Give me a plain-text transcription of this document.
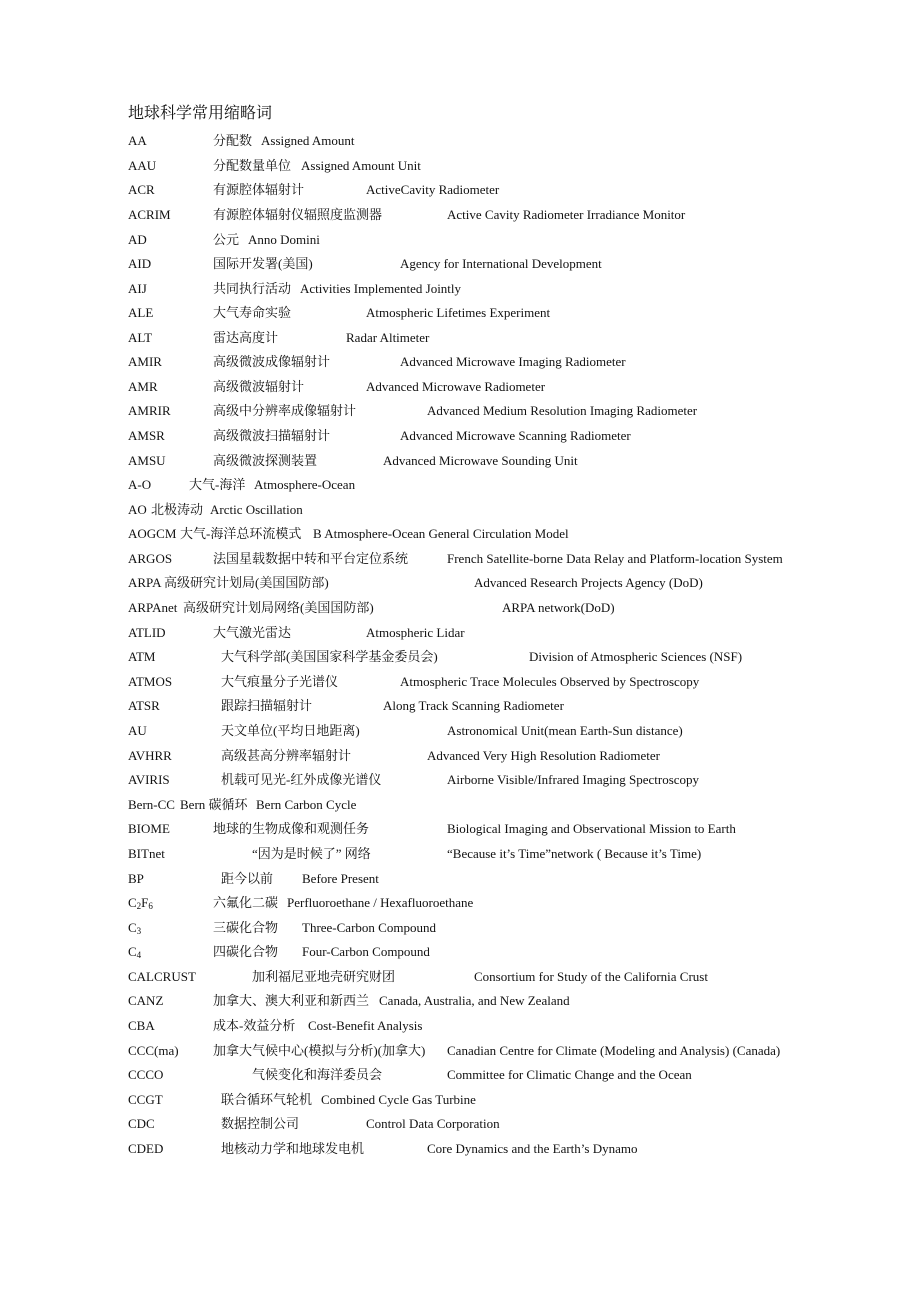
地球科学常用缩略词
AA	分配数 Assigned Amount
AAU	分配数量单位 Assigned Amount Unit
ACR	有源腔体辐射计	ActiveCavity Radiometer
ACRIM	有源腔体辐射仪辐照度监测器	Active Cavity Radiometer Irradiance Monitor
AD	公元 Anno Domini
AID	国际开发署(美国)	Agency for International Development
AIJ	共同执行活动 Activities Implemented Jointly
ALE	大气寿命实验	Atmospheric Lifetimes Experiment
ALT	雷达高度计	Radar Altimeter
AMIR	高级微波成像辐射计	Advanced Microwave Imaging Radiometer
AMR	高级微波辐射计	Advanced Microwave Radiometer
AMRIR	高级中分辨率成像辐射计	Advanced Medium Resolution Imaging Radiometer
AMSR	高级微波扫描辐射计	Advanced Microwave Scanning Radiometer
AMSU	高级微波探测装置	Advanced Microwave Sounding Unit
A-O	大气-海洋 Atmosphere-Ocean
AO 北极涛动 Arctic Oscillation
AOGCM 大气-海洋总环流模式 B Atmosphere-Ocean General Circulation Model
ARGOS	法国星载数据中转和平台定位系统	French Satellite-borne Data Relay and Platform-location System
ARPA 高级研究计划局(美国国防部)	Advanced Research Projects Agency (DoD)
ARPAnet 高级研究计划局网络(美国国防部)	ARPA network(DoD)
ATLID	大气激光雷达	Atmospheric Lidar
ATM	大气科学部(美国国家科学基金委员会)	Division of Atmospheric Sciences (NSF)
ATMOS	大气痕量分子光谱仪	Atmospheric Trace Molecules Observed by Spectroscopy
ATSR	跟踪扫描辐射计	Along Track Scanning Radiometer
AU	天文单位(平均日地距离)	Astronomical Unit(mean Earth-Sun distance)
AVHRR	高级甚高分辨率辐射计	Advanced Very High Resolution Radiometer
AVIRIS	机载可见光-红外成像光谱仪	Airborne Visible/Infrared Imaging Spectroscopy
Bern-CC Bern 碳循环 Bern Carbon Cycle
BIOME	地球的生物成像和观测任务	Biological Imaging and Observational Mission to Earth
BITnet	“因为是时候了” 网络	“Because it’s Time”network ( Because it’s Time)
BP	距今以前 Before Present
$C_2F_6$	六氟化二碳 Perfluoroethane / Hexafluoroethane
$C_3$	三碳化合物 Three-Carbon Compound
$C_4$	四碳化合物 Four-Carbon Compound
CALCRUST	加利福尼亚地壳研究财团	Consortium for Study of the California Crust
CANZ	加拿大、澳大利亚和新西兰 Canada, Australia, and New Zealand
CBA	成本-效益分析 Cost-Benefit Analysis
CCC(ma)	加拿大气候中心(模拟与分析)(加拿大) Canadian Centre for Climate (Modeling and Analysis) (Canada)
CCCO	气候变化和海洋委员会	Committee for Climatic Change and the Ocean
CCGT	联合循环气轮机 Combined Cycle Gas Turbine
CDC	数据控制公司	Control Data Corporation
CDED	地核动力学和地球发电机	Core Dynamics and the Earth’s Dynamo
